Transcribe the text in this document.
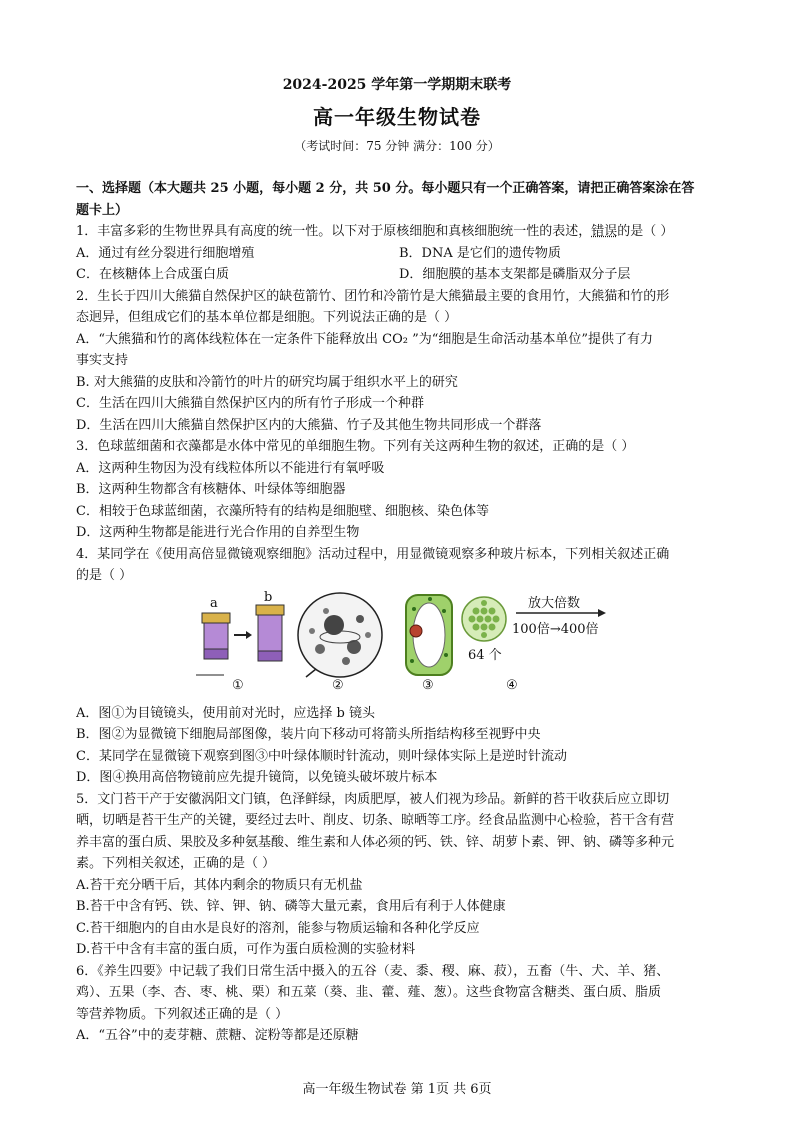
2024-2025 学年第一学期期末联考
高一年级生物试卷
（考试时间：75 分钟 满分：100 分）
一、选择题（本大题共 25 小题，每小题 2 分，共 50 分。每小题只有一个正确答案，请把正确答案涂在答
题卡上）
1．丰富多彩的生物世界具有高度的统一性。以下对于原核细胞和真核细胞统一性的表述，错误的是（ ）
A．通过有丝分裂进行细胞增殖	B．DNA 是它们的遗传物质
C．在核糖体上合成蛋白质	D．细胞膜的基本支架都是磷脂双分子层
2．生长于四川大熊猫自然保护区的缺苞箭竹、团竹和冷箭竹是大熊猫最主要的食用竹，大熊猫和竹的形
态迥异，但组成它们的基本单位都是细胞。下列说法正确的是（ ）
A．“大熊猫和竹的离体线粒体在一定条件下能释放出 CO₂ ”为“细胞是生命活动基本单位”提供了有力
事实支持
B. 对大熊猫的皮肤和冷箭竹的叶片的研究均属于组织水平上的研究
C．生活在四川大熊猫自然保护区内的所有竹子形成一个种群
D．生活在四川大熊猫自然保护区内的大熊猫、竹子及其他生物共同形成一个群落
3．色球蓝细菌和衣藻都是水体中常见的单细胞生物。下列有关这两种生物的叙述，正确的是（ ）
A．这两种生物因为没有线粒体所以不能进行有氧呼吸
B．这两种生物都含有核糖体、叶绿体等细胞器
C．相较于色球蓝细菌，衣藻所特有的结构是细胞壁、细胞核、染色体等
D．这两种生物都是能进行光合作用的自养型生物
4．某同学在《使用高倍显微镜观察细胞》活动过程中，用显微镜观察多种玻片标本，下列相关叙述正确
的是（ ）
a	b
①	②	③	④
放大倍数
100倍→400倍
64 个
A．图①为目镜镜头，使用前对光时，应选择 b 镜头
B．图②为显微镜下细胞局部图像，装片向下移动可将箭头所指结构移至视野中央
C．某同学在显微镜下观察到图③中叶绿体顺时针流动，则叶绿体实际上是逆时针流动
D．图④换用高倍物镜前应先提升镜筒，以免镜头破坏玻片标本
5．文门苔干产于安徽涡阳文门镇，色泽鲜绿，肉质肥厚，被人们视为珍品。新鲜的苔干收获后应立即切
晒，切晒是苔干生产的关键，要经过去叶、削皮、切条、晾晒等工序。经食品监测中心检验，苔干含有营
养丰富的蛋白质、果胶及多种氨基酸、维生素和人体必须的钙、铁、锌、胡萝卜素、钾、钠、磷等多种元
素。下列相关叙述，正确的是（ ）
A.苔干充分晒干后，其体内剩余的物质只有无机盐
B.苔干中含有钙、铁、锌、钾、钠、磷等大量元素，食用后有利于人体健康
C.苔干细胞内的自由水是良好的溶剂，能参与物质运输和各种化学反应
D.苔干中含有丰富的蛋白质，可作为蛋白质检测的实验材料
6．《养生四要》中记载了我们日常生活中摄入的五谷（麦、黍、稷、麻、菽），五畜（牛、犬、羊、猪、
鸡）、五果（李、杏、枣、桃、栗）和五菜（葵、韭、藿、薤、葱）。这些食物富含糖类、蛋白质、脂质
等营养物质。下列叙述正确的是（ ）
A．“五谷”中的麦芽糖、蔗糖、淀粉等都是还原糖
高一年级生物试卷 第 1页 共 6页
